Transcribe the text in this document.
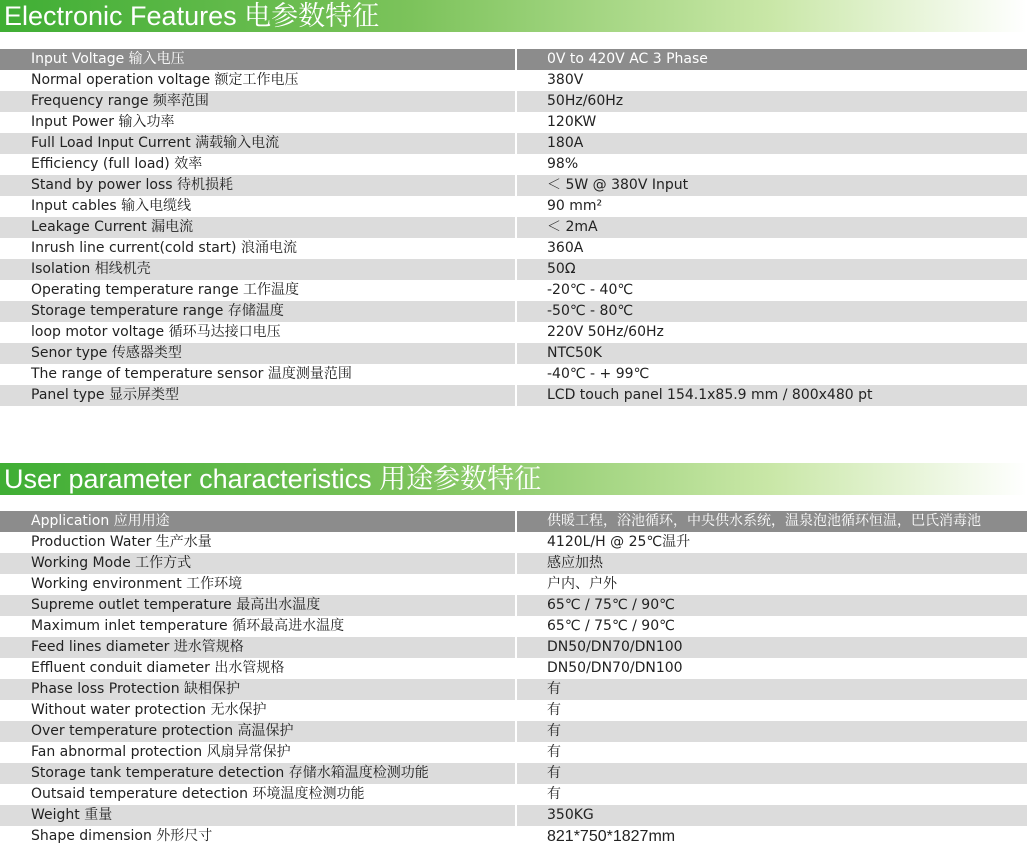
Electronic Features 电参数特征
Input Voltage 输入电压	0V to 420V AC 3 Phase
Normal operation voltage 额定工作电压	380V
Frequency range 频率范围	50Hz/60Hz
Input Power 输入功率	120KW
Full Load Input Current 满载输入电流	180A
Efficiency (full load) 效率	98%
Stand by power loss 待机损耗	＜ 5W @ 380V Input
Input cables 输入电缆线	90 mm²
Leakage Current 漏电流	＜ 2mA
Inrush line current(cold start) 浪涌电流	360A
Isolation 相线机壳	50Ω
Operating temperature range 工作温度	-20℃ - 40℃
Storage temperature range 存储温度	-50℃ - 80℃
loop motor voltage 循环马达接口电压	220V 50Hz/60Hz
Senor type 传感器类型	NTC50K
The range of temperature sensor 温度测量范围	-40℃ - + 99℃
Panel type 显示屏类型	LCD touch panel 154.1x85.9 mm / 800x480 pt
User parameter characteristics 用途参数特征
Application 应用用途	供暖工程，浴池循环，中央供水系统，温泉泡池循环恒温，巴氏消毒池
Production Water 生产水量	4120L/H @ 25℃温升
Working Mode 工作方式	感应加热
Working environment 工作环境	户内、户外
Supreme outlet temperature 最高出水温度	65℃ / 75℃ / 90℃
Maximum inlet temperature 循环最高进水温度	65℃ / 75℃ / 90℃
Feed lines diameter 进水管规格	DN50/DN70/DN100
Effluent conduit diameter 出水管规格	DN50/DN70/DN100
Phase loss Protection 缺相保护	有
Without water protection 无水保护	有
Over temperature protection 高温保护	有
Fan abnormal protection 风扇异常保护	有
Storage tank temperature detection 存储水箱温度检测功能	有
Outsaid temperature detection 环境温度检测功能	有
Weight 重量	350KG
Shape dimension 外形尺寸	821*750*1827mm
